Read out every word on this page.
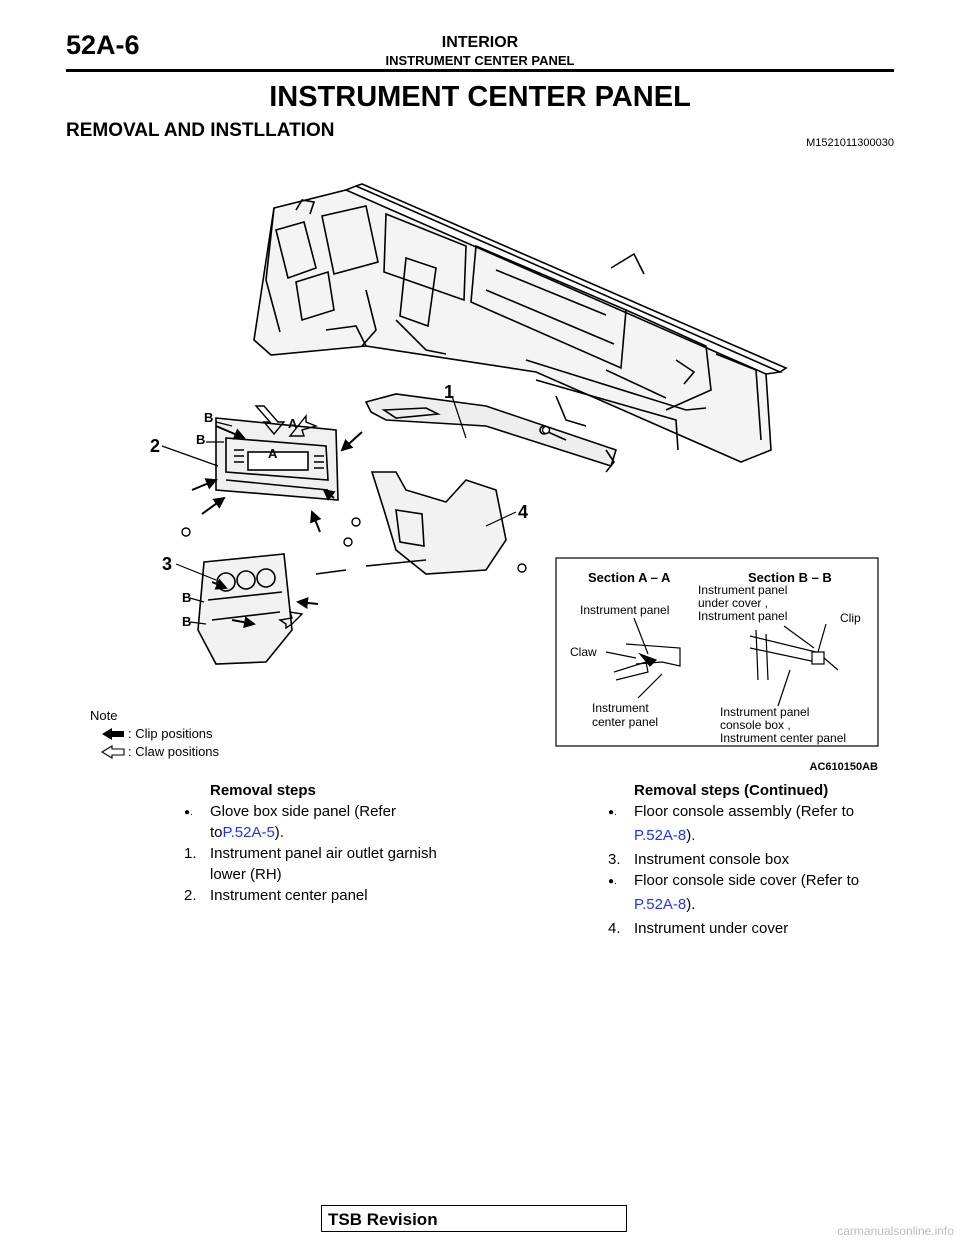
52A-6	INTERIOR
INSTRUMENT CENTER PANEL
INSTRUMENT CENTER PANEL
REMOVAL AND INSTLLATION
M1521011300030
1
2
3
4
B
B
A
A
B
B
Section A – A	Section B – B
Instrument panel
Claw
Instrument
center panel
Instrument panel
under cover ,
Instrument panel	Clip
Instrument panel
console box ,
Instrument center panel
Note
: Clip positions
: Claw positions
AC610150AB
Removal steps
●.	Glove box side panel (Refer
toP.52A-5).
1. Instrument panel air outlet garnish
lower (RH)
2. Instrument center panel
Removal steps (Continued)
●.	Floor console assembly (Refer to
P.52A-8).
3. Instrument console box
●.	Floor console side cover (Refer to
P.52A-8).
4. Instrument under cover
TSB Revision
carmanualsonline.info
